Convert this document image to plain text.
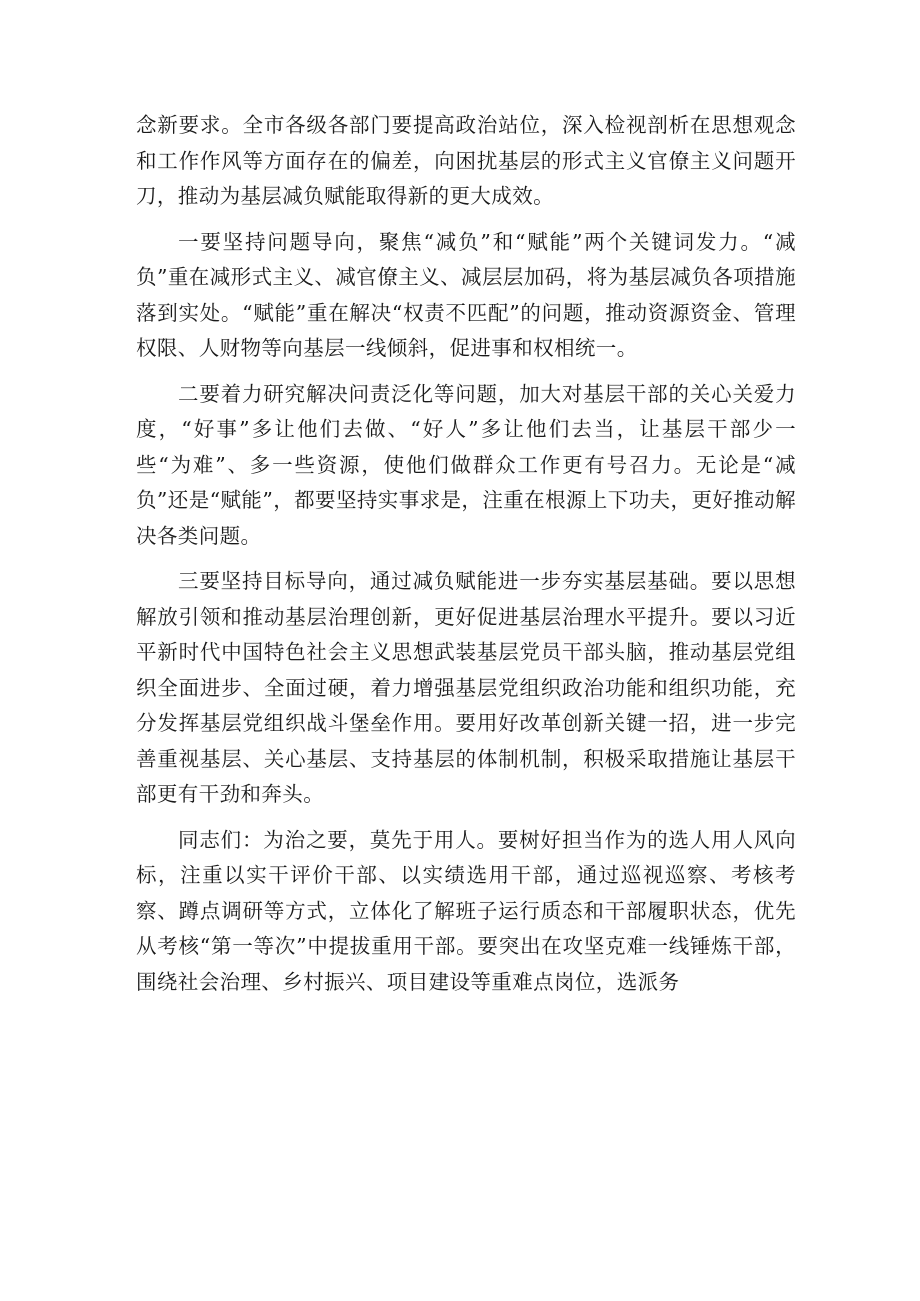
念新要求。全市各级各部门要提高政治站位，深入检视剖析在思想观念和工作作风等方面存在的偏差，向困扰基层的形式主义官僚主义问题开刀，推动为基层减负赋能取得新的更大成效。

一要坚持问题导向，聚焦“减负”和“赋能”两个关键词发力。“减负”重在减形式主义、减官僚主义、减层层加码，将为基层减负各项措施落到实处。“赋能”重在解决“权责不匹配”的问题，推动资源资金、管理权限、人财物等向基层一线倾斜，促进事和权相统一。

二要着力研究解决问责泛化等问题，加大对基层干部的关心关爱力度，“好事”多让他们去做、“好人”多让他们去当，让基层干部少一些“为难”、多一些资源，使他们做群众工作更有号召力。无论是“减负”还是“赋能”，都要坚持实事求是，注重在根源上下功夫，更好推动解决各类问题。

三要坚持目标导向，通过减负赋能进一步夯实基层基础。要以思想解放引领和推动基层治理创新，更好促进基层治理水平提升。要以习近平新时代中国特色社会主义思想武装基层党员干部头脑，推动基层党组织全面进步、全面过硬，着力增强基层党组织政治功能和组织功能，充分发挥基层党组织战斗堡垒作用。要用好改革创新关键一招，进一步完善重视基层、关心基层、支持基层的体制机制，积极采取措施让基层干部更有干劲和奔头。

同志们：为治之要，莫先于用人。要树好担当作为的选人用人风向标，注重以实干评价干部、以实绩选用干部，通过巡视巡察、考核考察、蹲点调研等方式，立体化了解班子运行质态和干部履职状态，优先从考核“第一等次”中提拔重用干部。要突出在攻坚克难一线锤炼干部，围绕社会治理、乡村振兴、项目建设等重难点岗位，选派务
